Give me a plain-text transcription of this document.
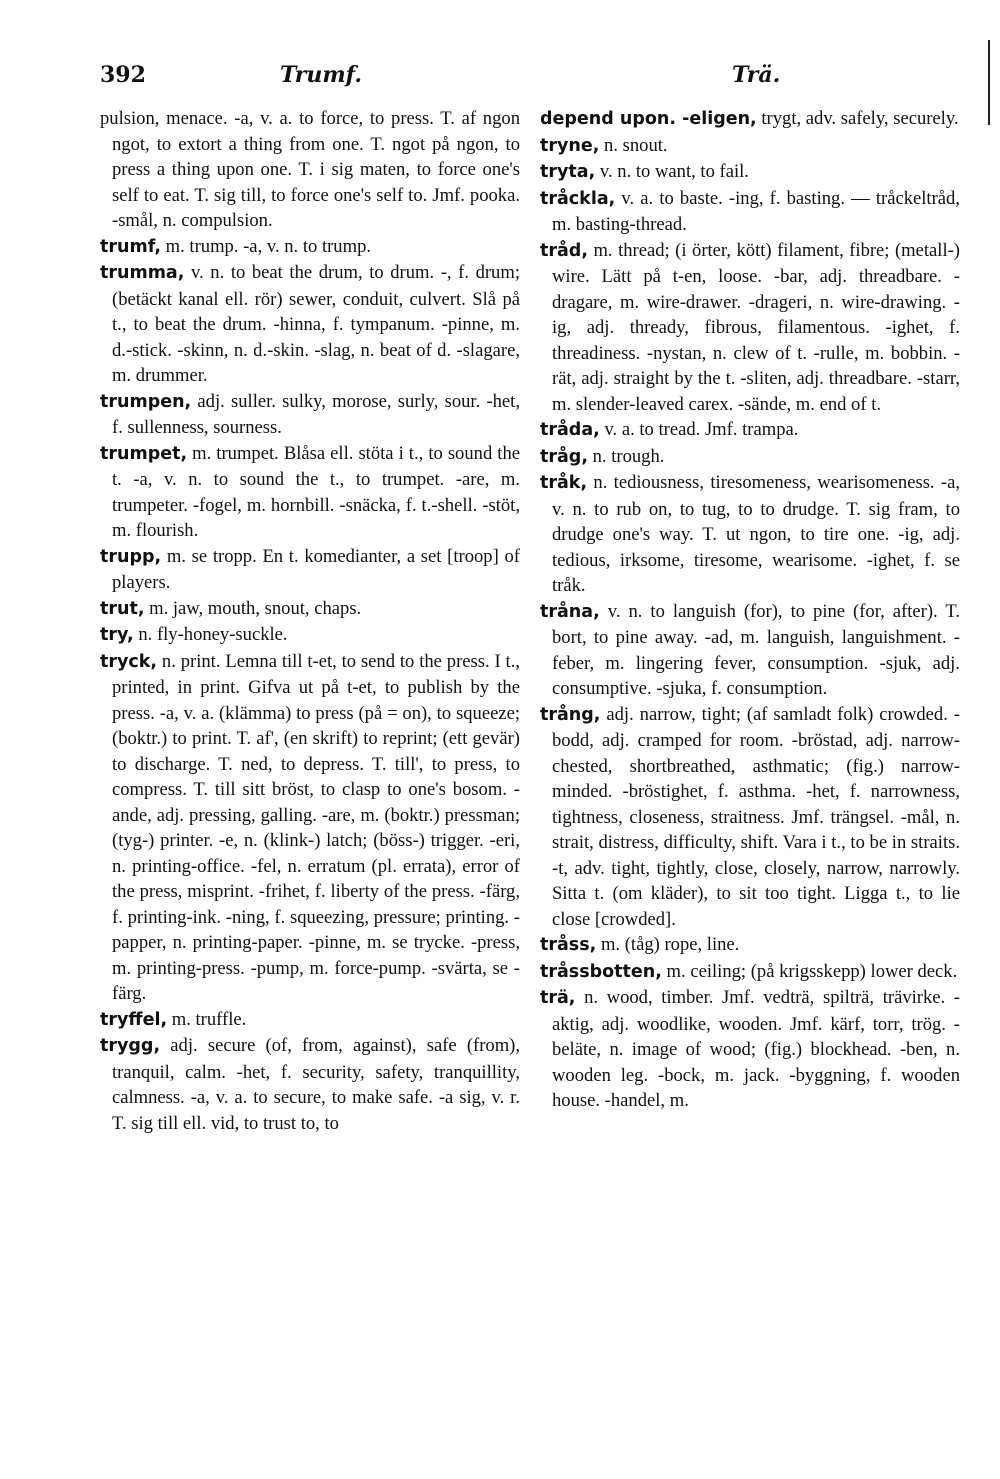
392	Trumf.	Trä.

pulsion, menace. -a, v. a. to force, to press. T. af ngon ngot, to extort a thing from one. T. ngot på ngon, to press a thing upon one. T. i sig maten, to force one's self to eat. T. sig till, to force one's self to. Jmf. pooka. -smål, n. compulsion.

trumf, m. trump. -a, v. n. to trump.

trumma, v. n. to beat the drum, to drum. -, f. drum; (betäckt kanal ell. rör) sewer, conduit, culvert. Slå på t., to beat the drum. -hinna, f. tympanum. -pinne, m. d.-stick. -skinn, n. d.-skin. -slag, n. beat of d. -slagare, m. drummer.

trumpen, adj. suller. sulky, morose, surly, sour. -het, f. sullenness, sourness.

trumpet, m. trumpet. Blåsa ell. stöta i t., to sound the t. -a, v. n. to sound the t., to trumpet. -are, m. trumpeter. -fogel, m. hornbill. -snäcka, f. t.-shell. -stöt, m. flourish.

trupp, m. se tropp. En t. komedianter, a set [troop] of players.

trut, m. jaw, mouth, snout, chaps.

try, n. fly-honey-suckle.

tryck, n. print. Lemna till t-et, to send to the press. I t., printed, in print. Gifva ut på t-et, to publish by the press. -a, v. a. (klämma) to press (på = on), to squeeze; (boktr.) to print. T. af', (en skrift) to reprint; (ett gevär) to discharge. T. ned, to depress. T. till', to press, to compress. T. till sitt bröst, to clasp to one's bosom. -ande, adj. pressing, galling. -are, m. (boktr.) pressman; (tyg-) printer. -e, n. (klink-) latch; (böss-) trigger. -eri, n. printing-office. -fel, n. erratum (pl. errata), error of the press, misprint. -frihet, f. liberty of the press. -färg, f. printing-ink. -ning, f. squeezing, pressure; printing. -papper, n. printing-paper. -pinne, m. se trycke. -press, m. printing-press. -pump, m. force-pump. -svärta, se -färg.

tryffel, m. truffle.

trygg, adj. secure (of, from, against), safe (from), tranquil, calm. -het, f. security, safety, tranquillity, calmness. -a, v. a. to secure, to make safe. -a sig, v. r. T. sig till ell. vid, to trust to, to

depend upon. -eligen, trygt, adv. safely, securely.

tryne, n. snout.

tryta, v. n. to want, to fail.

tråckla, v. a. to baste. -ing, f. basting. — tråckeltråd, m. basting-thread.

tråd, m. thread; (i örter, kött) filament, fibre; (metall-) wire. Lätt på t-en, loose. -bar, adj. threadbare. -dragare, m. wire-drawer. -drageri, n. wire-drawing. -ig, adj. thready, fibrous, filamentous. -ighet, f. threadiness. -nystan, n. clew of t. -rulle, m. bobbin. -rät, adj. straight by the t. -sliten, adj. threadbare. -starr, m. slender-leaved carex. -sände, m. end of t.

tråda, v. a. to tread. Jmf. trampa.

tråg, n. trough.

tråk, n. tediousness, tiresomeness, wearisomeness. -a, v. n. to rub on, to tug, to to drudge. T. sig fram, to drudge one's way. T. ut ngon, to tire one. -ig, adj. tedious, irksome, tiresome, wearisome. -ighet, f. se tråk.

tråna, v. n. to languish (for), to pine (for, after). T. bort, to pine away. -ad, m. languish, languishment. -feber, m. lingering fever, consumption. -sjuk, adj. consumptive. -sjuka, f. consumption.

trång, adj. narrow, tight; (af samladt folk) crowded. -bodd, adj. cramped for room. -bröstad, adj. narrow-chested, shortbreathed, asthmatic; (fig.) narrow-minded. -bröstighet, f. asthma. -het, f. narrowness, tightness, closeness, straitness. Jmf. trängsel. -mål, n. strait, distress, difficulty, shift. Vara i t., to be in straits. -t, adv. tight, tightly, close, closely, narrow, narrowly. Sitta t. (om kläder), to sit too tight. Ligga t., to lie close [crowded].

tråss, m. (tåg) rope, line.

tråssbotten, m. ceiling; (på krigsskepp) lower deck.

trä, n. wood, timber. Jmf. vedträ, spilträ, trävirke. -aktig, adj. woodlike, wooden. Jmf. kärf, torr, trög. -beläte, n. image of wood; (fig.) blockhead. -ben, n. wooden leg. -bock, m. jack. -byggning, f. wooden house. -handel, m.
